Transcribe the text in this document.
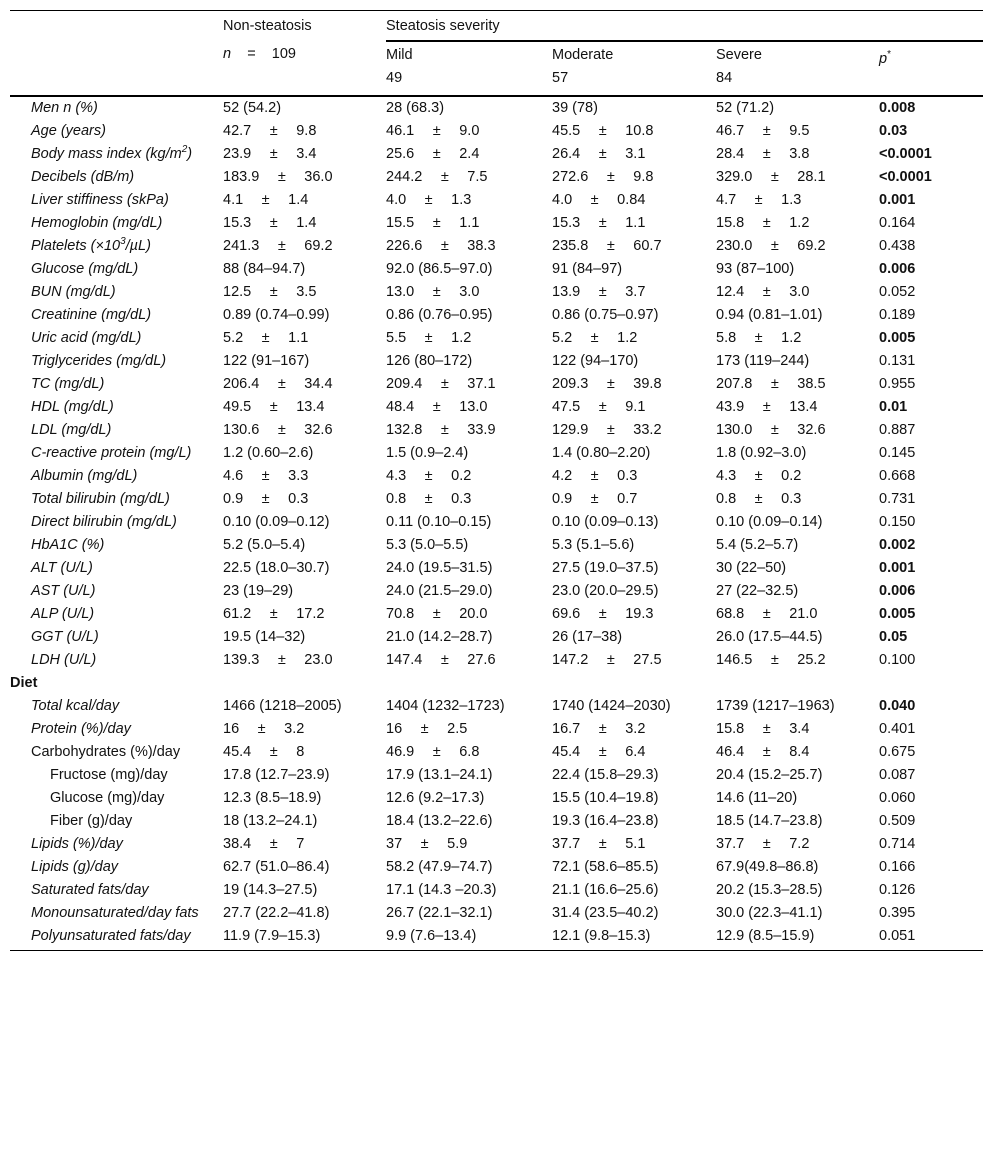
	Non-steatosis	Steatosis severity			
	n = 109	Mild	Moderate	Severe	p*
		49	57	84	
Men n (%)	52 (54.2)	28 (68.3)	39 (78)	52 (71.2)	0.008
Age (years)	42.7  ±  9.8	46.1  ±  9.0	45.5  ±  10.8	46.7  ±  9.5	0.03
Body mass index $(kg/m^2)$	23.9  ±  3.4	25.6  ±  2.4	26.4  ±  3.1	28.4  ±  3.8	<0.0001
Decibels (dB/m)	183.9  ±  36.0	244.2  ±  7.5	272.6  ±  9.8	329.0  ±  28.1	<0.0001
Liver stiffiness (skPa)	4.1  ±  1.4	4.0  ±  1.3	4.0  ±  0.84	4.7  ±  1.3	0.001
Hemoglobin (mg/dL)	15.3  ±  1.4	15.5  ±  1.1	15.3  ±  1.1	15.8  ±  1.2	0.164
Platelets $(\times 10^3/\mu L)$	241.3  ±  69.2	226.6  ±  38.3	235.8  ±  60.7	230.0  ±  69.2	0.438
Glucose (mg/dL)	88 (84–94.7)	92.0 (86.5–97.0)	91 (84–97)	93 (87–100)	0.006
BUN (mg/dL)	12.5  ±  3.5	13.0  ±  3.0	13.9  ±  3.7	12.4  ±  3.0	0.052
Creatinine (mg/dL)	0.89 (0.74–0.99)	0.86 (0.76–0.95)	0.86 (0.75–0.97)	0.94 (0.81–1.01)	0.189
Uric acid (mg/dL)	5.2  ±  1.1	5.5  ±  1.2	5.2  ±  1.2	5.8  ±  1.2	0.005
Triglycerides (mg/dL)	122 (91–167)	126 (80–172)	122 (94–170)	173 (119–244)	0.131
TC (mg/dL)	206.4  ±  34.4	209.4  ±  37.1	209.3  ±  39.8	207.8  ±  38.5	0.955
HDL (mg/dL)	49.5  ±  13.4	48.4  ±  13.0	47.5  ±  9.1	43.9  ±  13.4	0.01
LDL (mg/dL)	130.6  ±  32.6	132.8  ±  33.9	129.9  ±  33.2	130.0  ±  32.6	0.887
C-reactive protein (mg/L)	1.2 (0.60–2.6)	1.5 (0.9–2.4)	1.4 (0.80–2.20)	1.8 (0.92–3.0)	0.145
Albumin (mg/dL)	4.6  ±  3.3	4.3  ±  0.2	4.2  ±  0.3	4.3  ±  0.2	0.668
Total bilirubin (mg/dL)	0.9  ±  0.3	0.8  ±  0.3	0.9  ±  0.7	0.8  ±  0.3	0.731
Direct bilirubin (mg/dL)	0.10 (0.09–0.12)	0.11 (0.10–0.15)	0.10 (0.09–0.13)	0.10 (0.09–0.14)	0.150
HbA1C (%)	5.2 (5.0–5.4)	5.3 (5.0–5.5)	5.3 (5.1–5.6)	5.4 (5.2–5.7)	0.002
ALT (U/L)	22.5 (18.0–30.7)	24.0 (19.5–31.5)	27.5 (19.0–37.5)	30 (22–50)	0.001
AST (U/L)	23 (19–29)	24.0 (21.5–29.0)	23.0 (20.0–29.5)	27 (22–32.5)	0.006
ALP (U/L)	61.2  ±  17.2	70.8  ±  20.0	69.6  ±  19.3	68.8  ±  21.0	0.005
GGT (U/L)	19.5 (14–32)	21.0 (14.2–28.7)	26 (17–38)	26.0 (17.5–44.5)	0.05
LDH (U/L)	139.3  ±  23.0	147.4  ±  27.6	147.2  ±  27.5	146.5  ±  25.2	0.100
Diet					
Total kcal/day	1466 (1218–2005)	1404 (1232–1723)	1740 (1424–2030)	1739 (1217–1963)	0.040
Protein (%)/day	16  ±  3.2	16  ±  2.5	16.7  ±  3.2	15.8  ±  3.4	0.401
Carbohydrates (%)/day	45.4  ±  8	46.9  ±  6.8	45.4  ±  6.4	46.4  ±  8.4	0.675
Fructose (mg)/day	17.8 (12.7–23.9)	17.9 (13.1–24.1)	22.4 (15.8–29.3)	20.4 (15.2–25.7)	0.087
Glucose (mg)/day	12.3 (8.5–18.9)	12.6 (9.2–17.3)	15.5 (10.4–19.8)	14.6 (11–20)	0.060
Fiber (g)/day	18 (13.2–24.1)	18.4 (13.2–22.6)	19.3 (16.4–23.8)	18.5 (14.7–23.8)	0.509
Lipids (%)/day	38.4  ±  7	37  ±  5.9	37.7  ±  5.1	37.7  ±  7.2	0.714
Lipids (g)/day	62.7 (51.0–86.4)	58.2 (47.9–74.7)	72.1 (58.6–85.5)	67.9(49.8–86.8)	0.166
Saturated fats/day	19 (14.3–27.5)	17.1 (14.3 –20.3)	21.1 (16.6–25.6)	20.2 (15.3–28.5)	0.126
Monounsaturated/day fats	27.7 (22.2–41.8)	26.7 (22.1–32.1)	31.4 (23.5–40.2)	30.0 (22.3–41.1)	0.395
Polyunsaturated fats/day	11.9 (7.9–15.3)	9.9 (7.6–13.4)	12.1 (9.8–15.3)	12.9 (8.5–15.9)	0.051
